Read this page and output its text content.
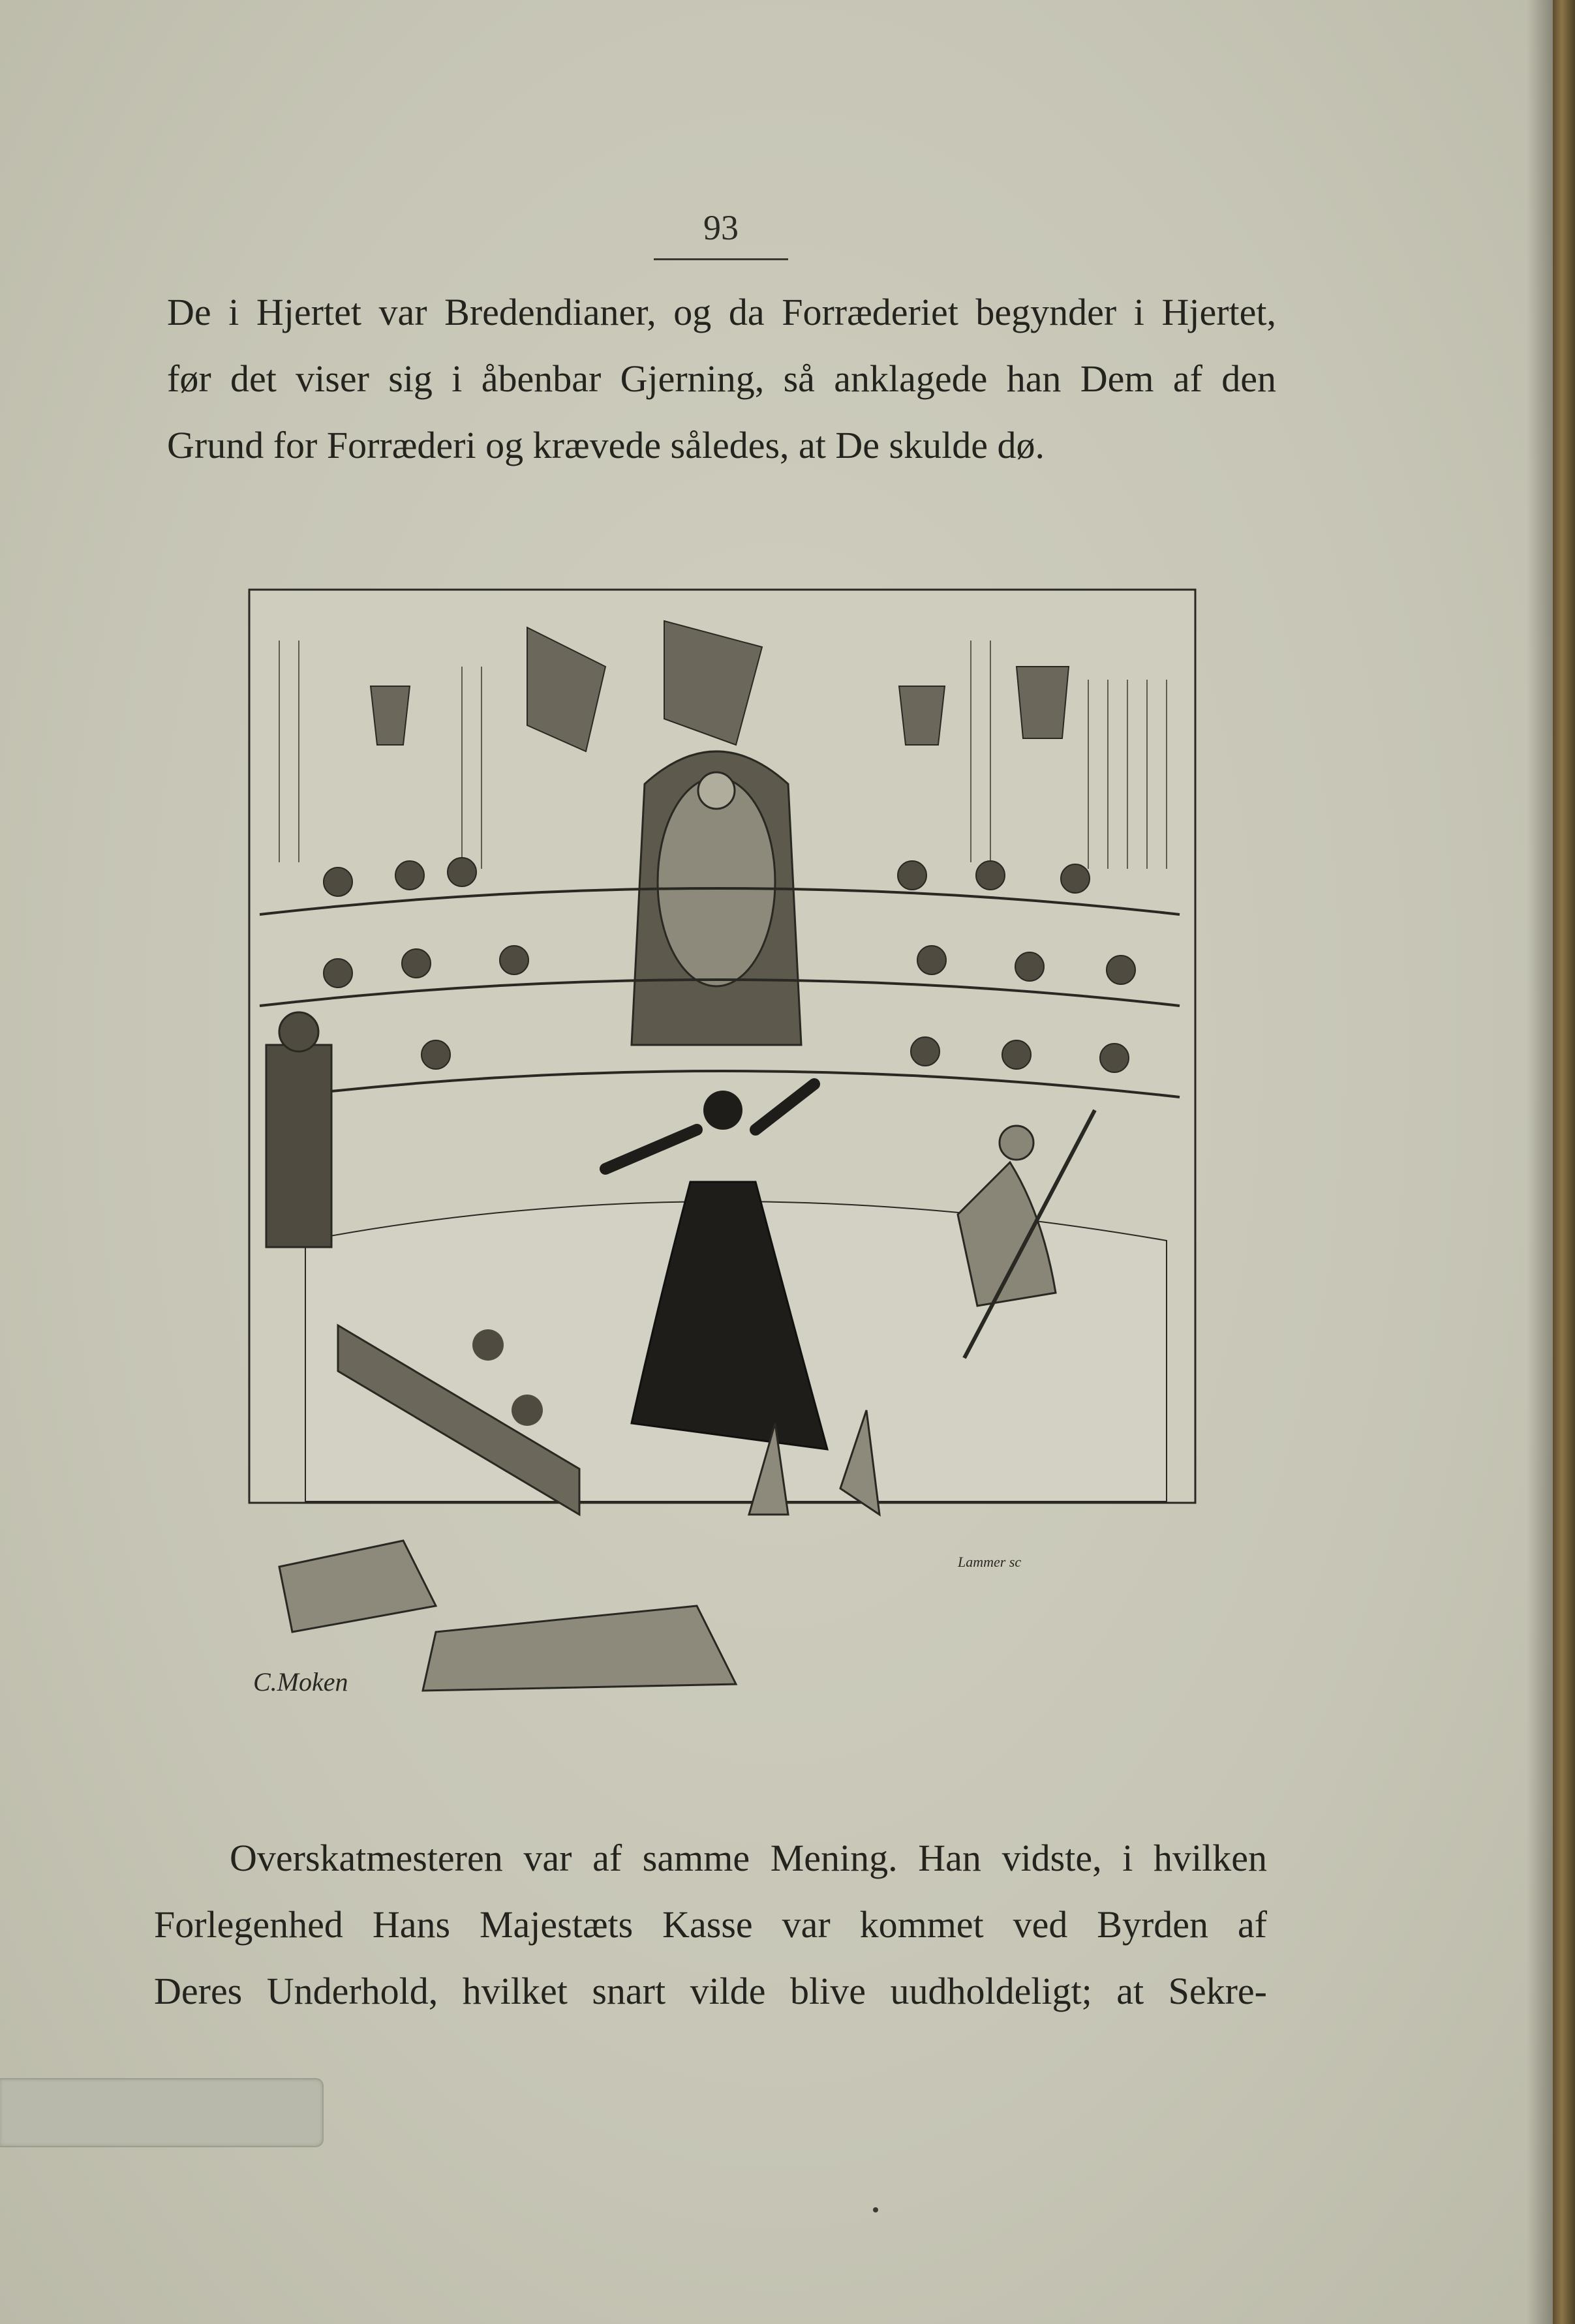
93
De i Hjertet var Bredendianer, og da Forræderiet begynder i Hjertet,
før det viser sig i åbenbar Gjerning, så anklagede han Dem af den
Grund for Forræderi og krævede således, at De skulde dø.
C.Moken
Lammer sc
Overskatmesteren var af samme Mening. Han vidste, i hvilken
Forlegenhed Hans Majestæts Kasse var kommet ved Byrden af
Deres Underhold, hvilket snart vilde blive uudholdeligt; at Sekre-
